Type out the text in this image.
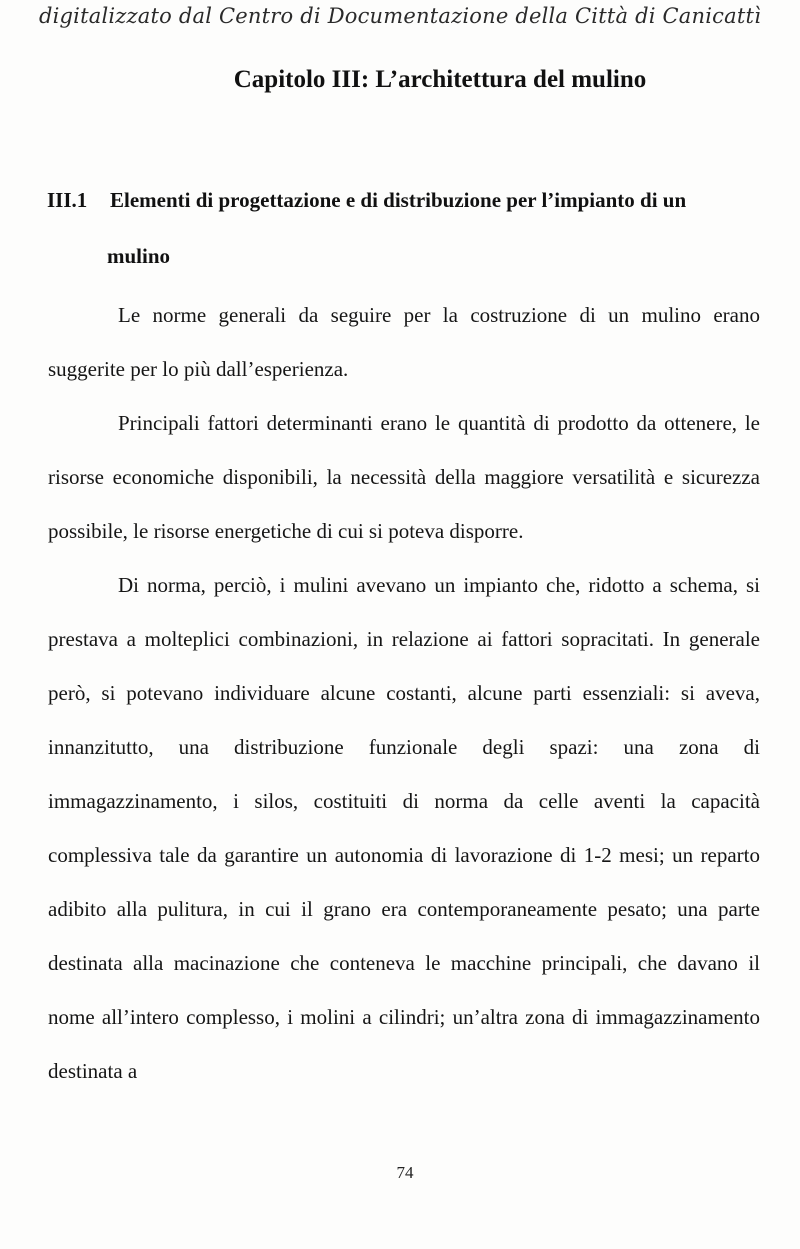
digitalizzato dal Centro di Documentazione della Città di Canicattì
Capitolo III: L’architettura del mulino
III.1 Elementi di progettazione e di distribuzione per l’impianto di un
mulino

Le norme generali da seguire per la costruzione di un mulino erano suggerite per lo più dall’esperienza.

Principali fattori determinanti erano le quantità di prodotto da ottenere, le risorse economiche disponibili, la necessità della maggiore versatilità e sicurezza possibile, le risorse energetiche di cui si poteva disporre.

Di norma, perciò, i mulini avevano un impianto che, ridotto a schema, si prestava a molteplici combinazioni, in relazione ai fattori sopracitati. In generale però, si potevano individuare alcune costanti, alcune parti essenziali: si aveva, innanzitutto, una distribuzione funzionale degli spazi: una zona di immagazzinamento, i silos, costituiti di norma da celle aventi la capacità complessiva tale da garantire un autonomia di lavorazione di 1-2 mesi; un reparto adibito alla pulitura, in cui il grano era contemporaneamente pesato; una parte destinata alla macinazione che conteneva le macchine principali, che davano il nome all’intero complesso, i molini a cilindri; un’altra zona di immagazzinamento destinata a

74
